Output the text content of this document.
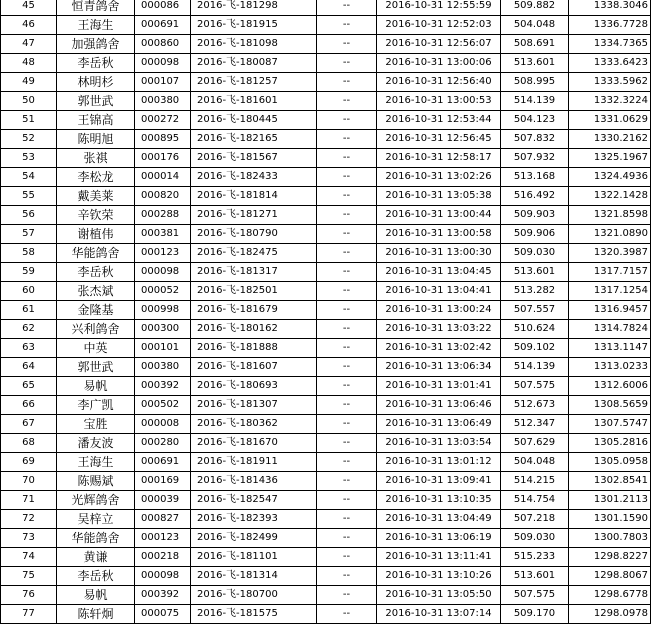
45	恒青鸽舍	000086	2016-飞-181298	--	2016-10-31 12:55:59	509.882	1338.3046
46	王海生	000691	2016-飞-181915	--	2016-10-31 12:52:03	504.048	1336.7728
47	加强鸽舍	000860	2016-飞-181098	--	2016-10-31 12:56:07	508.691	1334.7365
48	李岳秋	000098	2016-飞-180087	--	2016-10-31 13:00:06	513.601	1333.6423
49	林明杉	000107	2016-飞-181257	--	2016-10-31 12:56:40	508.995	1333.5962
50	郭世武	000380	2016-飞-181601	--	2016-10-31 13:00:53	514.139	1332.3224
51	王锦高	000272	2016-飞-180445	--	2016-10-31 12:53:44	504.123	1331.0629
52	陈明旭	000895	2016-飞-182165	--	2016-10-31 12:56:45	507.832	1330.2162
53	张祺	000176	2016-飞-181567	--	2016-10-31 12:58:17	507.932	1325.1967
54	李松龙	000014	2016-飞-182433	--	2016-10-31 13:02:26	513.168	1324.4936
55	戴美莱	000820	2016-飞-181814	--	2016-10-31 13:05:38	516.492	1322.1428
56	辛钦荣	000288	2016-飞-181271	--	2016-10-31 13:00:44	509.903	1321.8598
57	谢植伟	000381	2016-飞-180790	--	2016-10-31 13:00:58	509.906	1321.0890
58	华能鸽舍	000123	2016-飞-182475	--	2016-10-31 13:00:30	509.030	1320.3987
59	李岳秋	000098	2016-飞-181317	--	2016-10-31 13:04:45	513.601	1317.7157
60	张杰斌	000052	2016-飞-182501	--	2016-10-31 13:04:41	513.282	1317.1254
61	金隆基	000998	2016-飞-181679	--	2016-10-31 13:00:24	507.557	1316.9457
62	兴利鸽舍	000300	2016-飞-180162	--	2016-10-31 13:03:22	510.624	1314.7824
63	中英	000101	2016-飞-181888	--	2016-10-31 13:02:42	509.102	1313.1147
64	郭世武	000380	2016-飞-181607	--	2016-10-31 13:06:34	514.139	1313.0233
65	易帆	000392	2016-飞-180693	--	2016-10-31 13:01:41	507.575	1312.6006
66	李广凯	000502	2016-飞-181307	--	2016-10-31 13:06:46	512.673	1308.5659
67	宝胜	000008	2016-飞-180362	--	2016-10-31 13:06:49	512.347	1307.5747
68	潘友波	000280	2016-飞-181670	--	2016-10-31 13:03:54	507.629	1305.2816
69	王海生	000691	2016-飞-181911	--	2016-10-31 13:01:12	504.048	1305.0958
70	陈赐斌	000169	2016-飞-181436	--	2016-10-31 13:09:41	514.215	1302.8541
71	光辉鸽舍	000039	2016-飞-182547	--	2016-10-31 13:10:35	514.754	1301.2113
72	吴梓立	000827	2016-飞-182393	--	2016-10-31 13:04:49	507.218	1301.1590
73	华能鸽舍	000123	2016-飞-182499	--	2016-10-31 13:06:19	509.030	1300.7803
74	黄谦	000218	2016-飞-181101	--	2016-10-31 13:11:41	515.233	1298.8227
75	李岳秋	000098	2016-飞-181314	--	2016-10-31 13:10:26	513.601	1298.8067
76	易帆	000392	2016-飞-180700	--	2016-10-31 13:05:50	507.575	1298.6778
77	陈轩炯	000075	2016-飞-181575	--	2016-10-31 13:07:14	509.170	1298.0978
